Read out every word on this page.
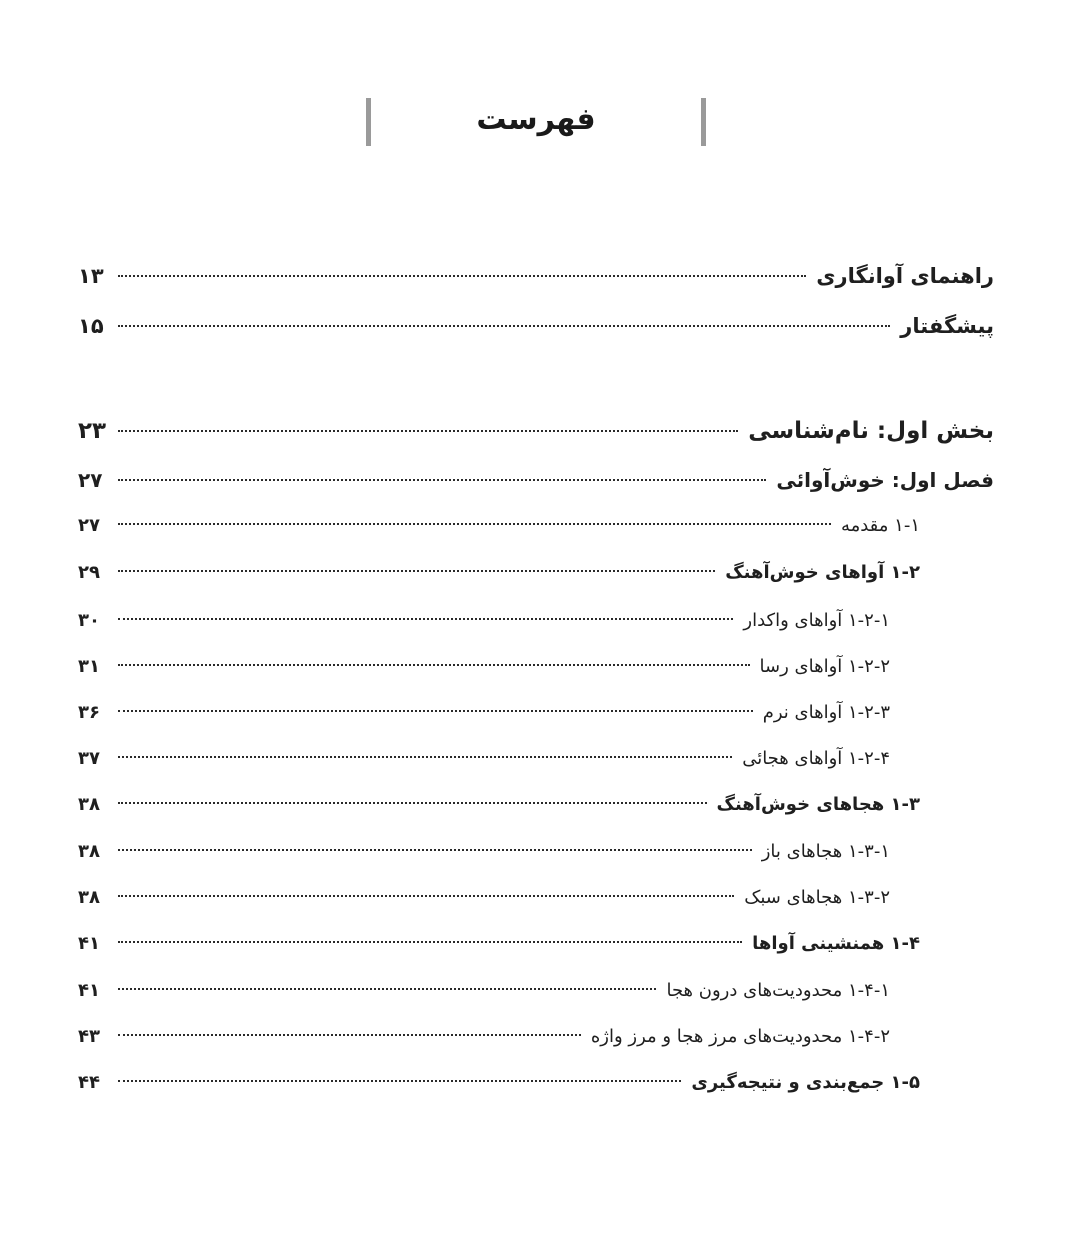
فهرست
راهنمای آوانگاری
۱۳
پیشگفتار
۱۵
بخش اول: نام‌شناسی
۲۳
فصل اول: خوش‌آوائی
۲۷
۱-۱ مقدمه
۲۷
۱-۲ آواهای خوش‌آهنگ
۲۹
۱-۲-۱ آواهای واکدار
۳۰
۱-۲-۲ آواهای رسا
۳۱
۱-۲-۳ آواهای نرم
۳۶
۱-۲-۴ آواهای هجائی
۳۷
۱-۳ هجاهای خوش‌آهنگ
۳۸
۱-۳-۱ هجاهای باز
۳۸
۱-۳-۲ هجاهای سبک
۳۸
۱-۴ همنشینی آواها
۴۱
۱-۴-۱ محدودیت‌های درون هجا
۴۱
۱-۴-۲ محدودیت‌های مرز هجا و مرز واژه
۴۳
۱-۵ جمع‌بندی و نتیجه‌گیری
۴۴
